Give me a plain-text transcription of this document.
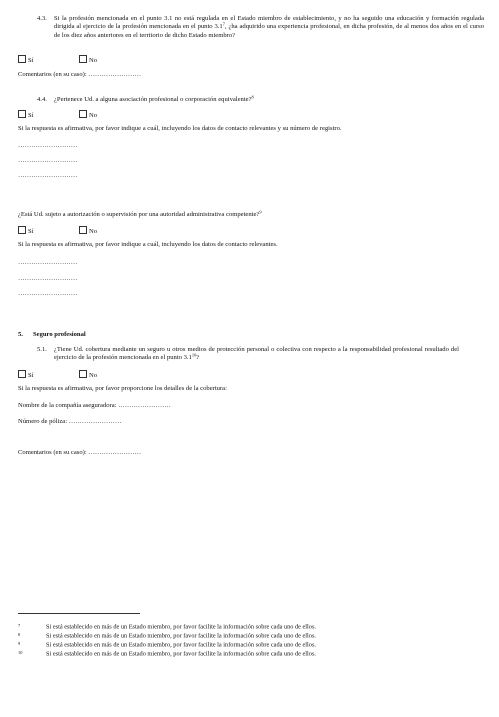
4.3. Si la profesión mencionada en el punto 3.1 no está regulada en el Estado miembro de establecimiento, y no ha seguido una educación y formación regulada dirigida al ejercicio de la profesión mencionada en el punto $3.1^7$, ¿ha adquirido una experiencia profesional, en dicha profesión, de al menos dos años en el curso de los diez años anteriores en el territorio de dicho Estado miembro?
Sí	No
Comentarios (en su caso): ……………………
4.4. ¿Pertenece Ud. a alguna asociación profesional o corporación equivalente?$^8$
Sí	No
Si la respuesta es afirmativa, por favor indique a cuál, incluyendo los datos de contacto relevantes y su número de registro.
………………………
………………………
………………………
¿Está Ud. sujeto a autorización o supervisión por una autoridad administrativa competente?$^9$
Sí	No
Si la respuesta es afirmativa, por favor indique a cuál, incluyendo los datos de contacto relevantes.
………………………
………………………
………………………
5. Seguro profesional
5.1. ¿Tiene Ud. cobertura mediante un seguro u otros medios de protección personal o colectiva con respecto a la responsabilidad profesional resultado del ejercicio de la profesión mencionada en el punto $3.1^{10}$?
Sí	No
Si la respuesta es afirmativa, por favor proporcione los detalles de la cobertura:
Nombre de la compañía aseguradora: ……………………
Número de póliza: ……………………
Comentarios (en su caso): ……………………
7	Si está establecido en más de un Estado miembro, por favor facilite la información sobre cada uno de ellos.
8	Si está establecido en más de un Estado miembro, por favor facilite la información sobre cada uno de ellos.
9	Si está establecido en más de un Estado miembro, por favor facilite la información sobre cada uno de ellos.
10	Si está establecido en más de un Estado miembro, por favor facilite la información sobre cada uno de ellos.
